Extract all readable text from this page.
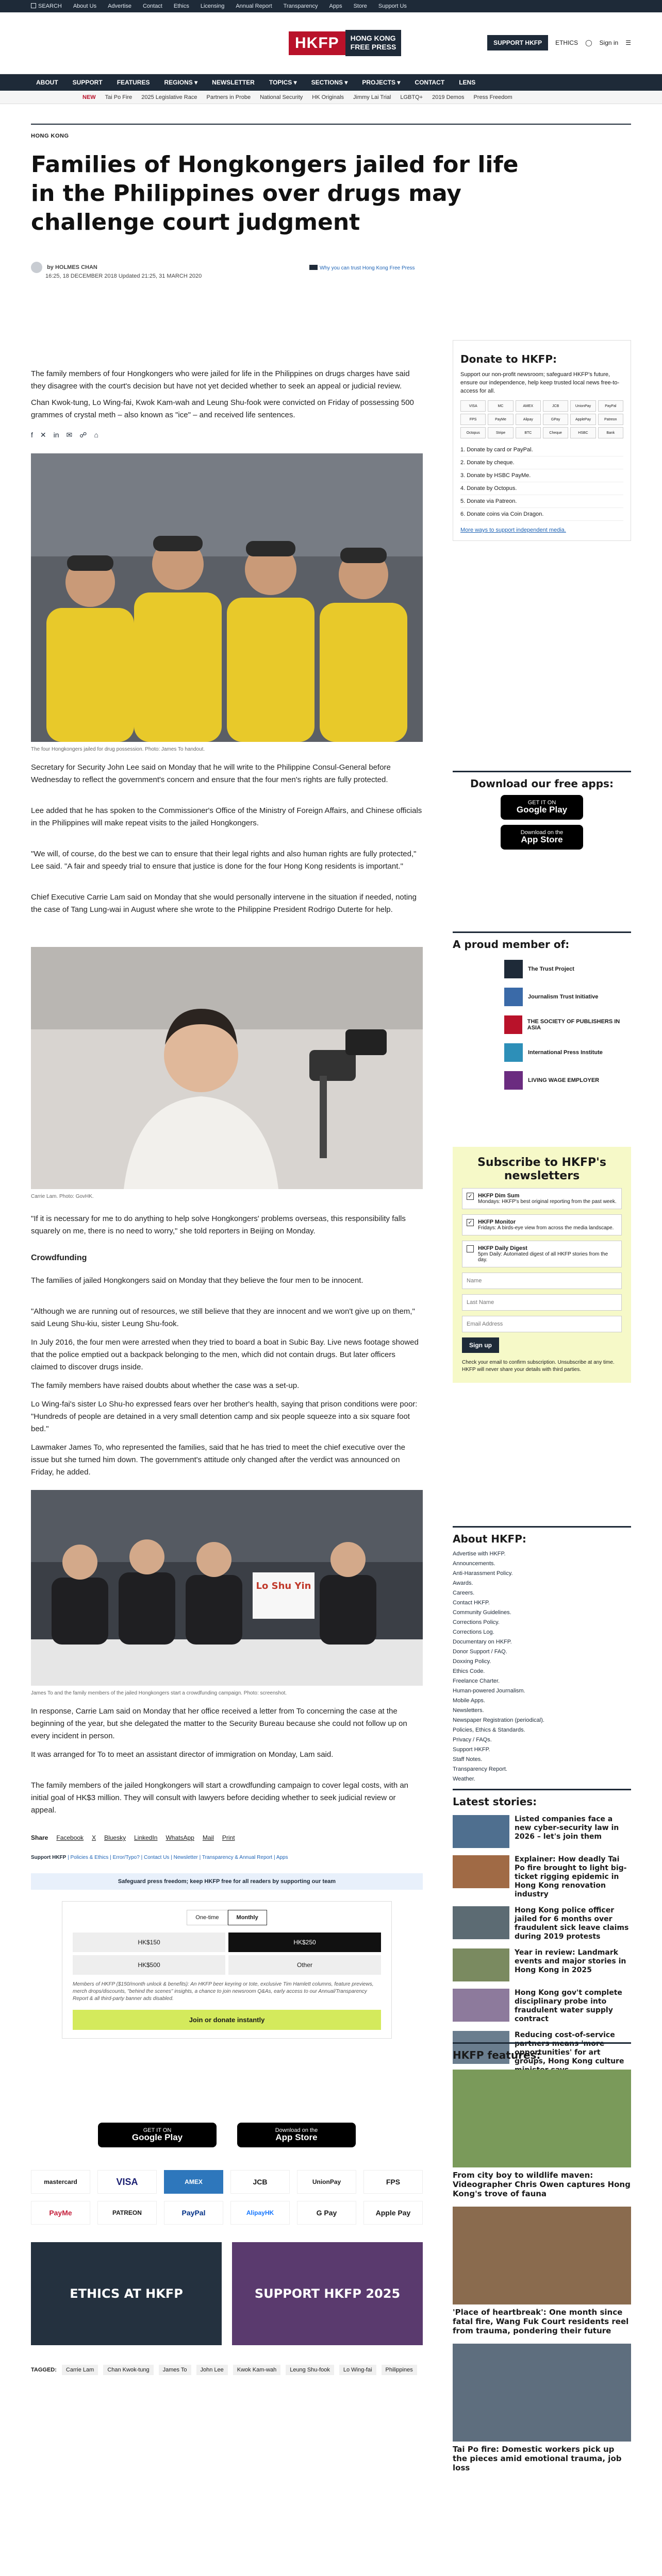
SEARCH About Us Advertise Contact Ethics Licensing Annual Report Transparency Apps Store Support Us
HKFP	HONG KONG
FREE PRESS	SUPPORT HKFP	ETHICS ◯ Sign in ☰
ABOUT SUPPORT FEATURES REGIONS ▾ NEWSLETTER TOPICS ▾ SECTIONS ▾ PROJECTS ▾ CONTACT LENS
NEW Tai Po Fire 2025 Legislative Race Partners in Probe National Security HK Originals Jimmy Lai Trial LGBTQ+ 2019 Demos Press Freedom
HONG KONG
Families of Hongkongers jailed for life in the Philippines over drugs may challenge court judgment
by HOLMES CHAN
16:25, 18 DECEMBER 2018 Updated 21:25, 31 MARCH 2020
Why you can trust Hong Kong Free Press

The family members of four Hongkongers who were jailed for life in the Philippines on drugs charges have said they disagree with the court's decision but have not yet decided whether to seek an appeal or judicial review.

Chan Kwok-tung, Lo Wing-fai, Kwok Kam-wah and Leung Shu-fook were convicted on Friday of possessing 500 grammes of crystal meth – also known as "ice" – and received life sentences.

f ✕ in ✉ ☍ ⌂
The four Hongkongers jailed for drug possession. Photo: James To handout.

Secretary for Security John Lee said on Monday that he will write to the Philippine Consul-General before Wednesday to reflect the government's concern and ensure that the four men's rights are fully protected.

Lee added that he has spoken to the Commissioner's Office of the Ministry of Foreign Affairs, and Chinese officials in the Philippines will make repeat visits to the jailed Hongkongers.

"We will, of course, do the best we can to ensure that their legal rights and also human rights are fully protected," Lee said. "A fair and speedy trial to ensure that justice is done for the four Hong Kong residents is important."

Chief Executive Carrie Lam said on Monday that she would personally intervene in the situation if needed, noting the case of Tang Lung-wai in August where she wrote to the Philippine President Rodrigo Duterte for help.

Carrie Lam. Photo: GovHK.

"If it is necessary for me to do anything to help solve Hongkongers' problems overseas, this responsibility falls squarely on me, there is no need to worry," she told reporters in Beijing on Monday.

Crowdfunding

The families of jailed Hongkongers said on Monday that they believe the four men to be innocent.

"Although we are running out of resources, we still believe that they are innocent and we won't give up on them," said Leung Shu-kiu, sister Leung Shu-fook.

In July 2016, the four men were arrested when they tried to board a boat in Subic Bay. Live news footage showed that the police emptied out a backpack belonging to the men, which did not contain drugs. But later officers claimed to discover drugs inside.

The family members have raised doubts about whether the case was a set-up.

Lo Wing-fai's sister Lo Shu-ho expressed fears over her brother's health, saying that prison conditions were poor: "Hundreds of people are detained in a very small detention camp and six people squeeze into a six square foot bed."

Lawmaker James To, who represented the families, said that he has tried to meet the chief executive over the issue but she turned him down. The government's attitude only changed after the verdict was announced on Friday, he added.

Lo Shu Yin
James To and the family members of the jailed Hongkongers start a crowdfunding campaign. Photo: screenshot.

In response, Carrie Lam said on Monday that her office received a letter from To concerning the case at the beginning of the year, but she delegated the matter to the Security Bureau because she could not follow up on every incident in person.

It was arranged for To to meet an assistant director of immigration on Monday, Lam said.

The family members of the jailed Hongkongers will start a crowdfunding campaign to cover legal costs, with an initial goal of HK$3 million. They will consult with lawyers before deciding whether to seek judicial review or appeal.

Share Facebook X Bluesky LinkedIn WhatsApp Mail Print
Support HKFP | Policies & Ethics | Error/Typo? | Contact Us | Newsletter | Transparency & Annual Report | Apps
Safeguard press freedom; keep HKFP free for all readers by supporting our team
One-time	Monthly
HK$150	HK$250
HK$500	Other

Members of HKFP ($150/month unlock & benefits): An HKFP beer keyring or tote, exclusive Tim Hamlett columns, feature previews, merch drops/discounts, "behind the scenes" insights, a chance to join newsroom Q&As, early access to our Annual/Transparency Report & all third-party banner ads disabled.

Join or donate instantly
GET IT ON
Google Play
Download on the
App Store
mastercard	VISA	AMEX	JCB	UnionPay	FPS
PayMe	PATREON	PayPal	AlipayHK	G Pay	Apple Pay
ETHICS AT HKFP	SUPPORT HKFP 2025
TAGGED:	Carrie Lam	Chan Kwok-tung	James To	John Lee	Kwok Kam-wah	Leung Shu-fook	Lo Wing-fai	Philippines
Donate to HKFP:

Support our non-profit newsroom; safeguard HKFP's future, ensure our independence, help keep trusted local news free-to-access for all.

VISA	MC	AMEX	JCB	UnionPay	PayPal
FPS	PayMe	Alipay	GPay	ApplePay	Patreon
Octopus	Stripe	BTC	Cheque	HSBC	Bank
1. Donate by card or PayPal.
2. Donate by cheque.
3. Donate by HSBC PayMe.
4. Donate by Octopus.
5. Donate via Patreon.
6. Donate coins via Coin Dragon.

More ways to support independent media.

Download our free apps:
GET IT ON
Google Play
Download on the
App Store
A proud member of:
The Trust Project
Journalism Trust Initiative
THE SOCIETY OF PUBLISHERS IN ASIA
International Press Institute
LIVING WAGE EMPLOYER
Subscribe to HKFP's newsletters
✓ HKFP Dim Sum
Mondays: HKFP's best original reporting from the past week.
✓ HKFP Monitor
Fridays: A birds-eye view from across the media landscape.
HKFP Daily Digest
5pm Daily: Automated digest of all HKFP stories from the day.
Name
Last Name
Email Address Sign up

Check your email to confirm subscription. Unsubscribe at any time. HKFP will never share your details with third parties.

About HKFP:
Advertise with HKFP.
Announcements.
Anti-Harassment Policy.
Awards.
Careers.
Contact HKFP.
Community Guidelines.
Corrections Policy.
Corrections Log.
Documentary on HKFP.
Donor Support / FAQ.
Doxxing Policy.
Ethics Code.
Freelance Charter.
Human-powered Journalism.
Mobile Apps.
Newsletters.
Newspaper Registration (periodical).
Policies, Ethics & Standards.
Privacy / FAQs.
Support HKFP.
Staff Notes.
Transparency Report.
Weather.
Latest stories:
Listed companies face a new cyber-security law in 2026 – let's join them
Explainer: How deadly Tai Po fire brought to light big-ticket rigging epidemic in Hong Kong renovation industry
Hong Kong police officer jailed for 6 months over fraudulent sick leave claims during 2019 protests
Year in review: Landmark events and major stories in Hong Kong in 2025
Hong Kong gov't complete disciplinary probe into fraudulent water supply contract
Reducing cost-of-service partners means 'more opportunities' for art groups, Hong Kong culture
HKFP features:
From city boy to wildlife maven: Videographer Chris Owen captures Hong Kong's trove of fauna
'Place of heartbreak': One month since fatal fire, Wang Fuk Court residents reel from trauma, pondering their future
Tai Po fire: Domestic workers pick up the pieces amid emotional trauma, job loss
